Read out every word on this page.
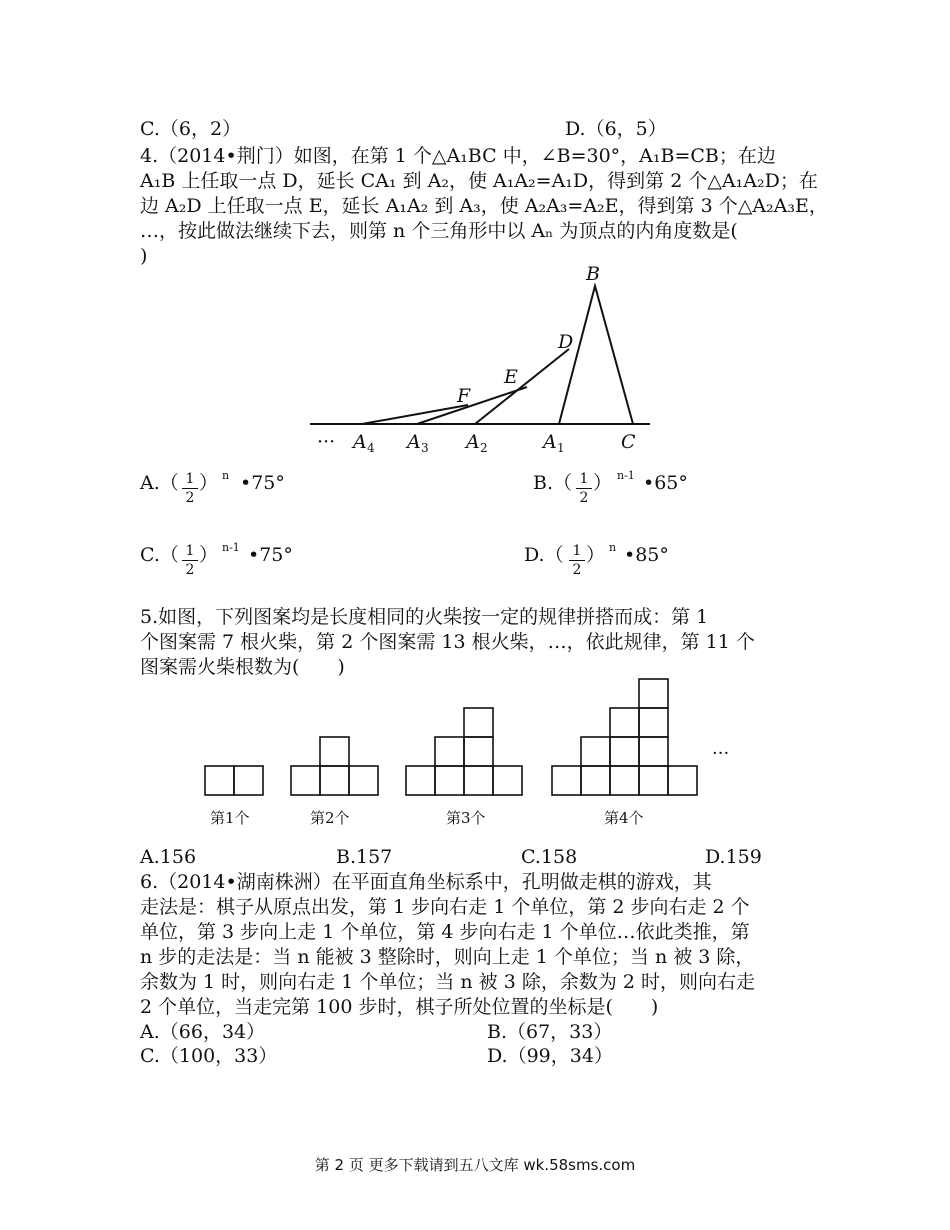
C.（6，2）	D.（6，5）
4.（2014•荆门）如图，在第 1 个△A₁BC 中，∠B=30°，A₁B=CB；在边
A₁B 上任取一点 D，延长 CA₁ 到 A₂，使 A₁A₂=A₁D，得到第 2 个△A₁A₂D；在
边 A₂D 上任取一点 E，延长 A₁A₂ 到 A₃，使 A₂A₃=A₂E，得到第 3 个△A₂A₃E，
…，按此做法继续下去，则第 n 个三角形中以 Aₙ 为顶点的内角度数是(
)
B
D
E
F
··· A 4 A 3 A 2	A 1	C
$A.( \frac{1}{2}$ ） n •75°	$B.( \frac{1}{2}$ ） n-1 •65°
$C.( \frac{1}{2}$ ） n-1 •75°	$D.( \frac{1}{2}$ ） n •85°
5.如图，下列图案均是长度相同的火柴按一定的规律拼搭而成：第 1
个图案需 7 根火柴，第 2 个图案需 13 根火柴，…，依此规律，第 11 个
图案需火柴根数为(　　)
第1个	第2个	第3个	第4个
···
A.156	B.157	C.158	D.159
6.（2014•湖南株洲）在平面直角坐标系中，孔明做走棋的游戏，其
走法是：棋子从原点出发，第 1 步向右走 1 个单位，第 2 步向右走 2 个
单位，第 3 步向上走 1 个单位，第 4 步向右走 1 个单位…依此类推，第
n 步的走法是：当 n 能被 3 整除时，则向上走 1 个单位；当 n 被 3 除，
余数为 1 时，则向右走 1 个单位；当 n 被 3 除，余数为 2 时，则向右走
2 个单位，当走完第 100 步时，棋子所处位置的坐标是(　　)
A.（66，34）	B.（67，33）
C.（100，33）	D.（99，34）
第 2 页 更多下载请到五八文库 wk.58sms.com
